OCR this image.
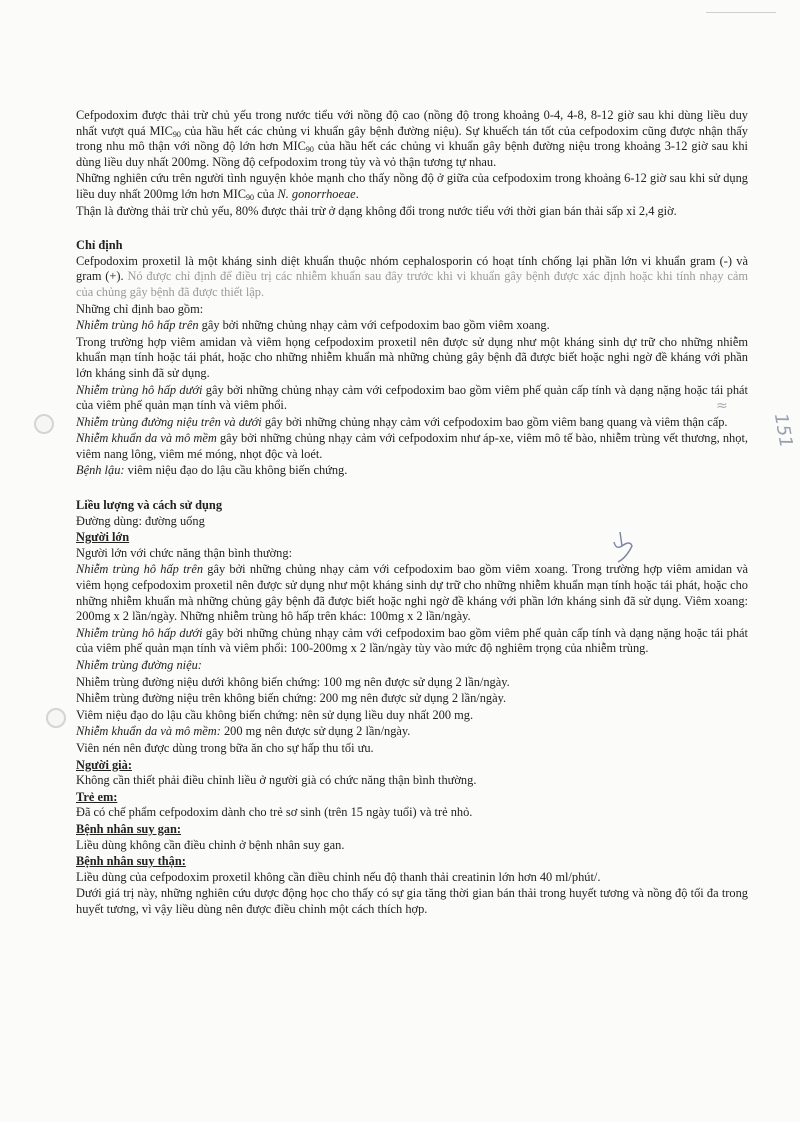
151
≈

Cefpodoxim được thải trừ chủ yếu trong nước tiểu với nồng độ cao (nồng độ trong khoảng 0-4, 4-8, 8-12 giờ sau khi dùng liều duy nhất vượt quá $MIC_{90}$ của hầu hết các chủng vi khuẩn gây bệnh đường niệu). Sự khuếch tán tốt của cefpodoxim cũng được nhận thấy trong nhu mô thận với nồng độ lớn hơn $MIC_{90}$ của hầu hết các chủng vi khuẩn gây bệnh đường niệu trong khoảng 3-12 giờ sau khi dùng liều duy nhất 200mg. Nồng độ cefpodoxim trong tủy và vỏ thận tương tự nhau.

Những nghiên cứu trên người tình nguyện khỏe mạnh cho thấy nồng độ ở giữa của cefpodoxim trong khoảng 6-12 giờ sau khi sử dụng liều duy nhất 200mg lớn hơn $MIC_{90}$ của N. gonorrhoeae.

Thận là đường thải trừ chủ yếu, 80% được thải trừ ở dạng không đổi trong nước tiểu với thời gian bán thải sấp xỉ 2,4 giờ.

Chỉ định

Cefpodoxim proxetil là một kháng sinh diệt khuẩn thuộc nhóm cephalosporin có hoạt tính chống lại phần lớn vi khuẩn gram (-) và gram (+). Nó được chỉ định để điều trị các nhiễm khuẩn sau đây trước khi vi khuẩn gây bệnh được xác định hoặc khi tính nhạy cảm của chủng gây bệnh đã được thiết lập.

Những chỉ định bao gồm:

Nhiễm trùng hô hấp trên gây bởi những chủng nhạy cảm với cefpodoxim bao gồm viêm xoang.

Trong trường hợp viêm amidan và viêm họng cefpodoxim proxetil nên được sử dụng như một kháng sinh dự trữ cho những nhiễm khuẩn mạn tính hoặc tái phát, hoặc cho những nhiễm khuẩn mà những chủng gây bệnh đã được biết hoặc nghi ngờ đề kháng với phần lớn kháng sinh đã sử dụng.

Nhiễm trùng hô hấp dưới gây bởi những chủng nhạy cảm với cefpodoxim bao gồm viêm phế quản cấp tính và dạng nặng hoặc tái phát của viêm phế quản mạn tính và viêm phổi.

Nhiễm trùng đường niệu trên và dưới gây bởi những chủng nhạy cảm với cefpodoxim bao gồm viêm bang quang và viêm thận cấp.

Nhiễm khuẩn da và mô mềm gây bởi những chủng nhạy cảm với cefpodoxim như áp-xe, viêm mô tế bào, nhiễm trùng vết thương, nhọt, viêm nang lông, viêm mé móng, nhọt độc và loét.

Bệnh lậu: viêm niệu đạo do lậu cầu không biến chứng.

Liều lượng và cách sử dụng

Đường dùng: đường uống

Người lớn

Người lớn với chức năng thận bình thường:

Nhiễm trùng hô hấp trên gây bởi những chủng nhạy cảm với cefpodoxim bao gồm viêm xoang. Trong trường hợp viêm amidan và viêm họng cefpodoxim proxetil nên được sử dụng như một kháng sinh dự trữ cho những nhiễm khuẩn mạn tính hoặc tái phát, hoặc cho những nhiễm khuẩn mà những chủng gây bệnh đã được biết hoặc nghi ngờ đề kháng với phần lớn kháng sinh đã sử dụng. Viêm xoang: 200mg x 2 lần/ngày. Những nhiễm trùng hô hấp trên khác: 100mg x 2 lần/ngày.

Nhiễm trùng hô hấp dưới gây bởi những chủng nhạy cảm với cefpodoxim bao gồm viêm phế quản cấp tính và dạng nặng hoặc tái phát của viêm phế quản mạn tính và viêm phổi: 100-200mg x 2 lần/ngày tùy vào mức độ nghiêm trọng của nhiễm trùng.

Nhiễm trùng đường niệu:

Nhiễm trùng đường niệu dưới không biến chứng: 100 mg nên được sử dụng 2 lần/ngày.

Nhiễm trùng đường niệu trên không biến chứng: 200 mg nên được sử dụng 2 lần/ngày.

Viêm niệu đạo do lậu cầu không biến chứng: nên sử dụng liều duy nhất 200 mg.

Nhiễm khuẩn da và mô mềm: 200 mg nên được sử dụng 2 lần/ngày.

Viên nén nên được dùng trong bữa ăn cho sự hấp thu tối ưu.

Người già:

Không cần thiết phải điều chỉnh liều ở người già có chức năng thận bình thường.

Trẻ em:

Đã có chế phẩm cefpodoxim dành cho trẻ sơ sinh (trên 15 ngày tuổi) và trẻ nhỏ.

Bệnh nhân suy gan:

Liều dùng không cần điều chỉnh ở bệnh nhân suy gan.

Bệnh nhân suy thận:

Liều dùng của cefpodoxim proxetil không cần điều chỉnh nếu độ thanh thải creatinin lớn hơn 40 ml/phút/.

Dưới giá trị này, những nghiên cứu dược động học cho thấy có sự gia tăng thời gian bán thải trong huyết tương và nồng độ tối đa trong huyết tương, vì vậy liều dùng nên được điều chỉnh một cách thích hợp.
